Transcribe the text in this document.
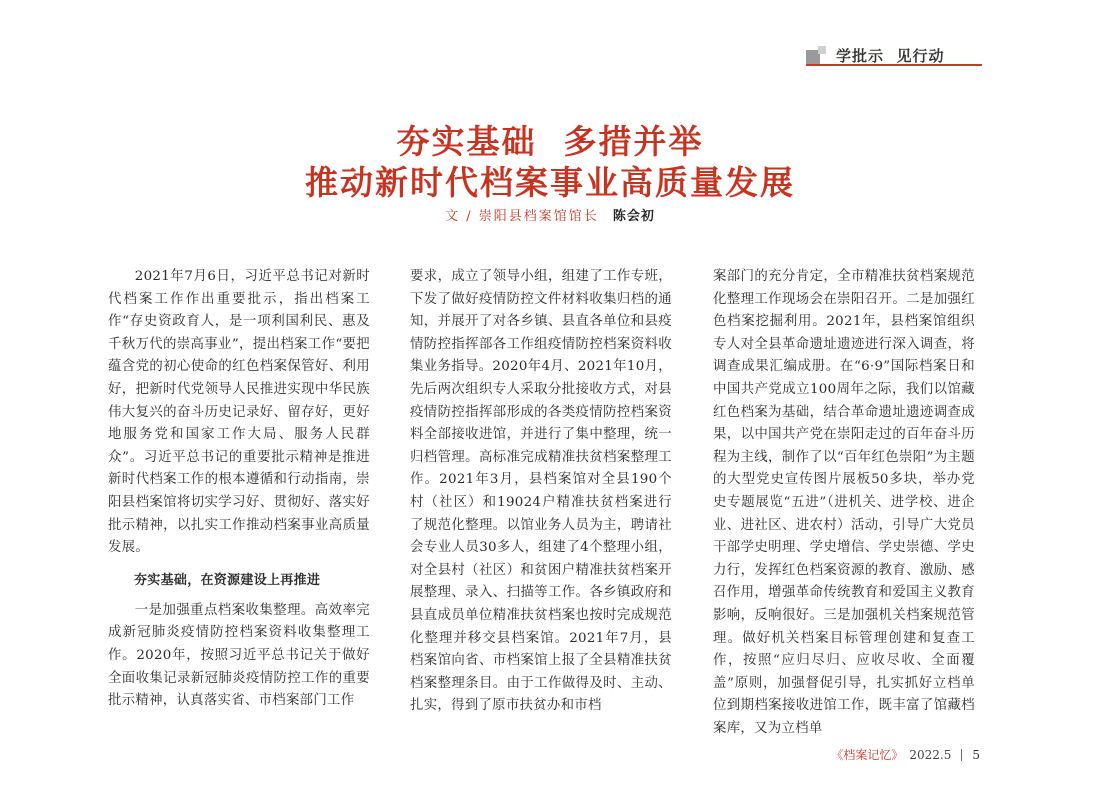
学批示  见行动
夯实基础  多措并举
推动新时代档案事业高质量发展
文 / 崇阳县档案馆馆长 陈会初

2021年7月6日，习近平总书记对新时代档案工作作出重要批示，指出档案工作“存史资政育人，是一项利国利民、惠及千秋万代的崇高事业”，提出档案工作“要把蕴含党的初心使命的红色档案保管好、利用好，把新时代党领导人民推进实现中华民族伟大复兴的奋斗历史记录好、留存好，更好地服务党和国家工作大局、服务人民群众”。习近平总书记的重要批示精神是推进新时代档案工作的根本遵循和行动指南，崇阳县档案馆将切实学习好、贯彻好、落实好批示精神，以扎实工作推动档案事业高质量发展。

夯实基础，在资源建设上再推进

一是加强重点档案收集整理。高效率完成新冠肺炎疫情防控档案资料收集整理工作。2020年，按照习近平总书记关于做好全面收集记录新冠肺炎疫情防控工作的重要批示精神，认真落实省、市档案部门工作

要求，成立了领导小组，组建了工作专班，下发了做好疫情防控文件材料收集归档的通知，并展开了对各乡镇、县直各单位和县疫情防控指挥部各工作组疫情防控档案资料收集业务指导。2020年4月、2021年10月，先后两次组织专人采取分批接收方式，对县疫情防控指挥部形成的各类疫情防控档案资料全部接收进馆，并进行了集中整理，统一归档管理。高标准完成精准扶贫档案整理工作。2021年3月，县档案馆对全县190个村（社区）和19024户精准扶贫档案进行了规范化整理。以馆业务人员为主，聘请社会专业人员30多人，组建了4个整理小组，对全县村（社区）和贫困户精准扶贫档案开展整理、录入、扫描等工作。各乡镇政府和县直成员单位精准扶贫档案也按时完成规范化整理并移交县档案馆。2021年7月，县档案馆向省、市档案馆上报了全县精准扶贫档案整理条目。由于工作做得及时、主动、扎实，得到了原市扶贫办和市档

案部门的充分肯定，全市精准扶贫档案规范化整理工作现场会在崇阳召开。二是加强红色档案挖掘利用。2021年，县档案馆组织专人对全县革命遗址遗迹进行深入调查，将调查成果汇编成册。在“6·9”国际档案日和中国共产党成立100周年之际，我们以馆藏红色档案为基础，结合革命遗址遗迹调查成果，以中国共产党在崇阳走过的百年奋斗历程为主线，制作了以“百年红色崇阳”为主题的大型党史宣传图片展板50多块，举办党史专题展览“五进”（进机关、进学校、进企业、进社区、进农村）活动，引导广大党员干部学史明理、学史增信、学史崇德、学史力行，发挥红色档案资源的教育、激励、感召作用，增强革命传统教育和爱国主义教育影响，反响很好。三是加强机关档案规范管理。做好机关档案目标管理创建和复查工作，按照“应归尽归、应收尽收、全面覆盖”原则，加强督促引导，扎实抓好立档单位到期档案接收进馆工作，既丰富了馆藏档案库，又为立档单

《档案记忆》 2022.5 5
